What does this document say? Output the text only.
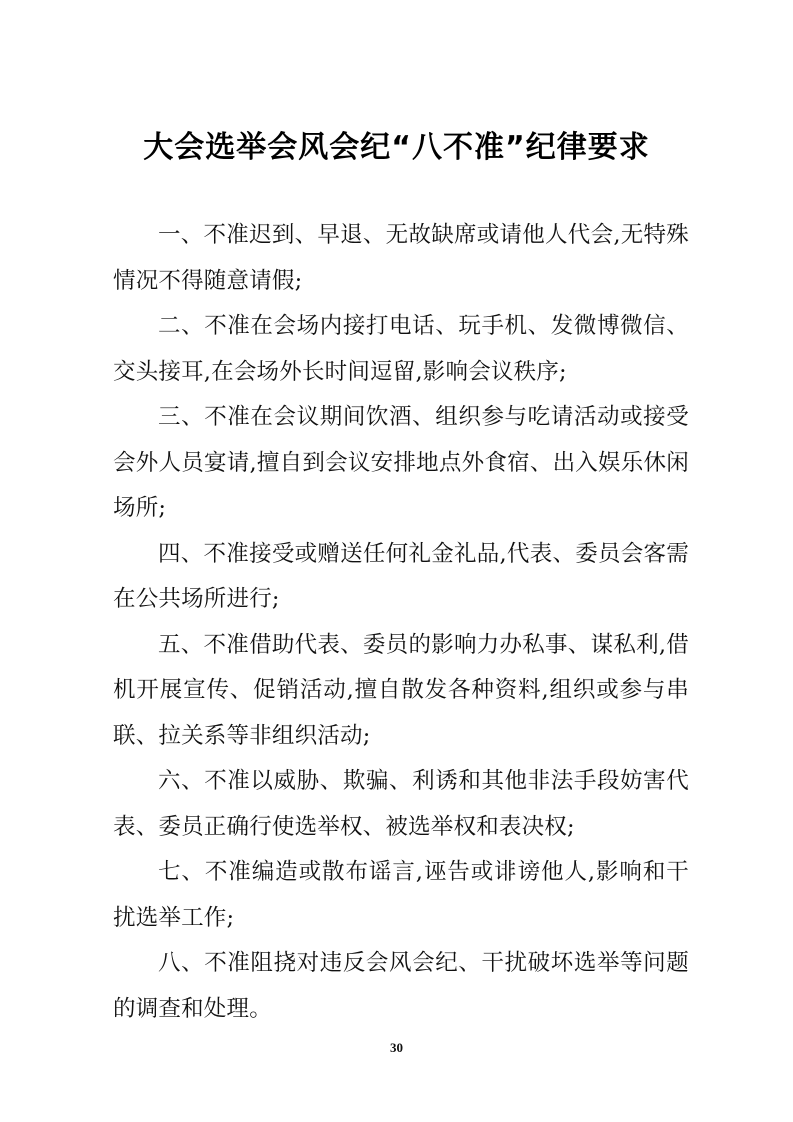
大会选举会风会纪“八不准”纪律要求

一、不准迟到、早退、无故缺席或请他人代会,无特殊情况不得随意请假;

二、不准在会场内接打电话、玩手机、发微博微信、交头接耳,在会场外长时间逗留,影响会议秩序;

三、不准在会议期间饮酒、组织参与吃请活动或接受会外人员宴请,擅自到会议安排地点外食宿、出入娱乐休闲场所;

四、不准接受或赠送任何礼金礼品,代表、委员会客需在公共场所进行;

五、不准借助代表、委员的影响力办私事、谋私利,借机开展宣传、促销活动,擅自散发各种资料,组织或参与串联、拉关系等非组织活动;

六、不准以威胁、欺骗、利诱和其他非法手段妨害代表、委员正确行使选举权、被选举权和表决权;

七、不准编造或散布谣言,诬告或诽谤他人,影响和干扰选举工作;

八、不准阻挠对违反会风会纪、干扰破坏选举等问题的调查和处理。

30
